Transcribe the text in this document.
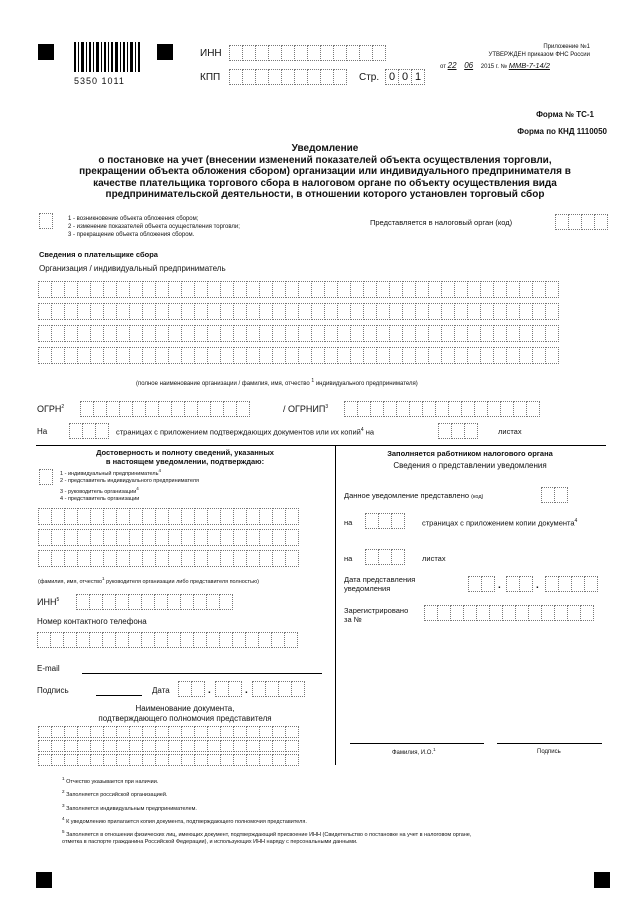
5350 1011
ИНН
КПП	Стр. 0 0 1
Приложение №1
УТВЕРЖДЕН приказом ФНС России
от 22 06 2015 г. № ММВ-7-14/2
Форма № ТС-1
Форма по КНД 1110050
Уведомление
о постановке на учет (внесении изменений показателей объекта осуществления торговли,
прекращении объекта обложения сбором) организации или индивидуального предпринимателя в
качестве плательщика торгового сбора в налоговом органе по объекту осуществления вида
предпринимательской деятельности, в отношении которого установлен торговый сбор
1 - возникновение объекта обложения сбором;
2 - изменение показателей объекта осуществления торговли;
3 - прекращение объекта обложения сбором.
Представляется в налоговый орган (код)
Сведения о плательщике сбора
Организация / индивидуальный предприниматель
(полное наименование организации / фамилия, имя, отчество $^1$ индивидуального предпринимателя)
ОГРН$^2$	/ ОГРНИП$^3$
На	страницах с приложением подтверждающих документов или их копий$^4$ на	листах
Достоверность и полноту сведений, указанных
в настоящем уведомлении, подтверждаю:
1 - индивидуальный предприниматель$^4$
2 - представитель индивидуального предпринимателя
3 - руководитель организации$^4$
4 - представитель организации
(фамилия, имя, отчество$^1$ руководителя организации либо представителя полностью)
ИНН$^5$
Номер контактного телефона
E-mail
Подпись	Дата	.	.
Наименование документа,
подтверждающего полномочия представителя
Заполняется работником налогового органа
Сведения о представлении уведомления
Данное уведомление представлено (код)
на	страницах с приложением копии документа$^4$
на	листах
Дата представления
уведомления	.	.
Зарегистрировано
за №
Фамилия, И.О.$^1$	Подпись
$^1$ Отчество указывается при наличии.
$^2$ Заполняется российской организацией.
$^3$ Заполняется индивидуальным предпринимателем.
$^4$ К уведомлению прилагается копия документа, подтверждающего полномочия представителя.
$^5$ Заполняется в отношении физических лиц, имеющих документ, подтверждающий присвоение ИНН (Свидетельство о постановке на учет в налоговом органе,
отметка в паспорте гражданина Российской Федерации), и использующих ИНН наряду с персональными данными.
